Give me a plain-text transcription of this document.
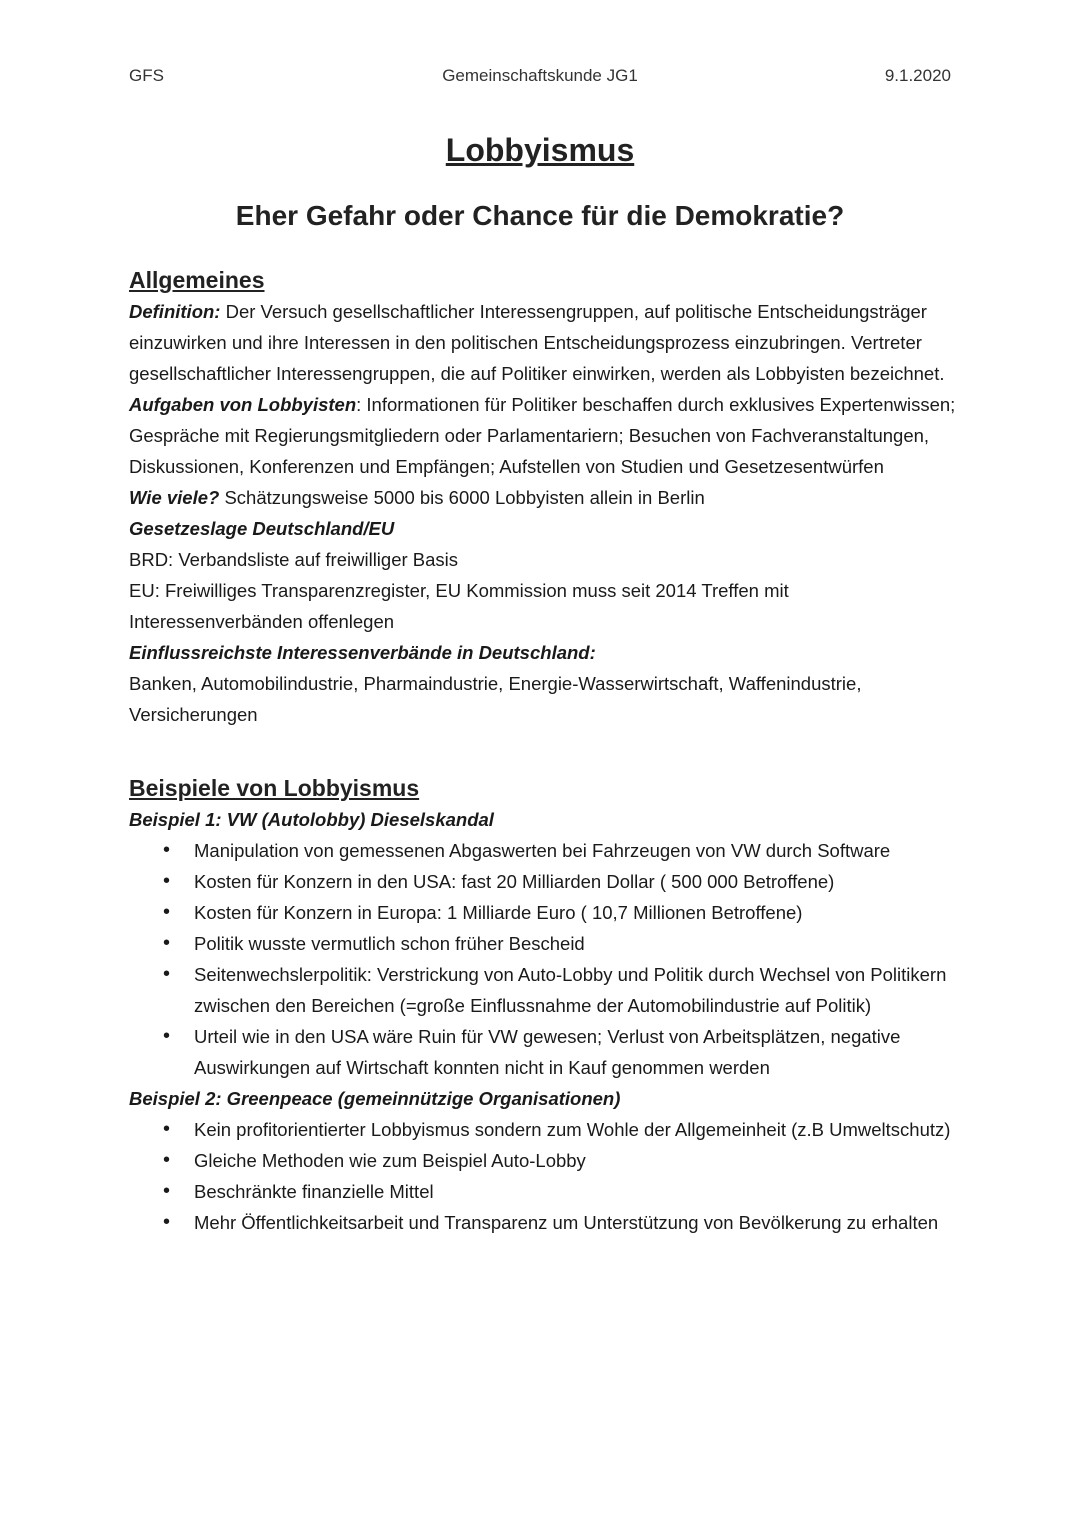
Gemeinschaftskunde JG1
GFS	9.1.2020
Lobbyismus
Eher Gefahr oder Chance für die Demokratie?
Allgemeines

Definition: Der Versuch gesellschaftlicher Interessengruppen, auf politische Entscheidungsträger einzuwirken und ihre Interessen in den politischen Entscheidungsprozess einzubringen. Vertreter gesellschaftlicher Interessengruppen, die auf Politiker einwirken, werden als Lobbyisten bezeichnet.

Aufgaben von Lobbyisten: Informationen für Politiker beschaffen durch exklusives Expertenwissen; Gespräche mit Regierungsmitgliedern oder Parlamentariern; Besuchen von Fachveranstaltungen, Diskussionen, Konferenzen und Empfängen; Aufstellen von Studien und Gesetzesentwürfen

Wie viele? Schätzungsweise 5000 bis 6000 Lobbyisten allein in Berlin

Gesetzeslage Deutschland/EU

BRD: Verbandsliste auf freiwilliger Basis

EU: Freiwilliges Transparenzregister, EU Kommission muss seit 2014 Treffen mit Interessenverbänden offenlegen

Einflussreichste Interessenverbände in Deutschland:

Banken, Automobilindustrie, Pharmaindustrie, Energie-Wasserwirtschaft, Waffenindustrie, Versicherungen

Beispiele von Lobbyismus

Beispiel 1: VW (Autolobby) Dieselskandal

• Manipulation von gemessenen Abgaswerten bei Fahrzeugen von VW durch Software
• Kosten für Konzern in den USA: fast 20 Milliarden Dollar ( 500 000 Betroffene)
• Kosten für Konzern in Europa: 1 Milliarde Euro ( 10,7 Millionen Betroffene)
• Politik wusste vermutlich schon früher Bescheid
• Seitenwechslerpolitik: Verstrickung von Auto-Lobby und Politik durch Wechsel von Politikern zwischen den Bereichen (=große Einflussnahme der Automobilindustrie auf Politik)
• Urteil wie in den USA wäre Ruin für VW gewesen; Verlust von Arbeitsplätzen, negative Auswirkungen auf Wirtschaft konnten nicht in Kauf genommen werden

Beispiel 2: Greenpeace (gemeinnützige Organisationen)

• Kein profitorientierter Lobbyismus sondern zum Wohle der Allgemeinheit (z.B Umweltschutz)
• Gleiche Methoden wie zum Beispiel Auto-Lobby
• Beschränkte finanzielle Mittel
• Mehr Öffentlichkeitsarbeit und Transparenz um Unterstützung von Bevölkerung zu erhalten
